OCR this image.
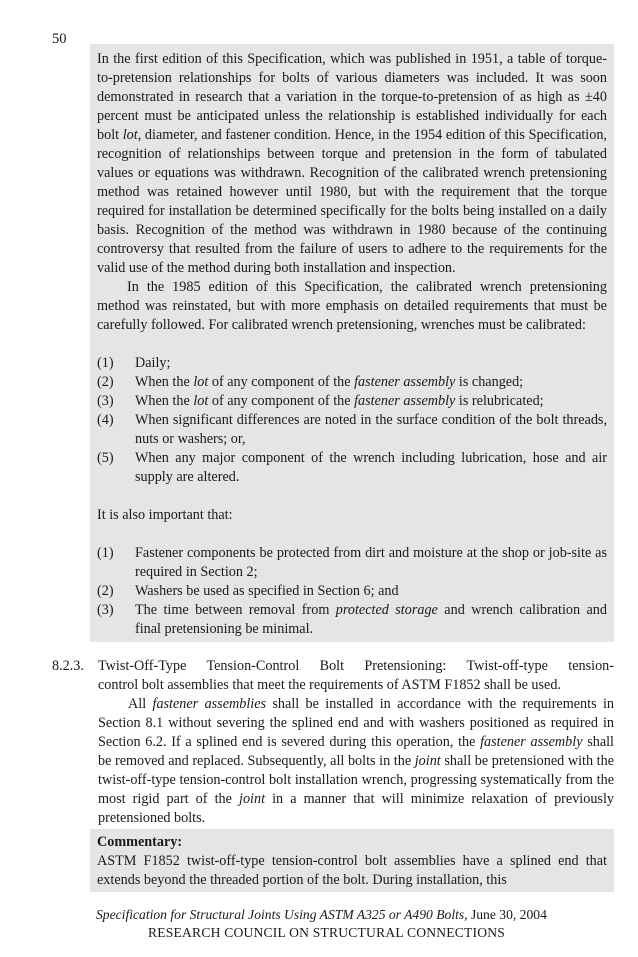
50
In the first edition of this Specification, which was published in 1951, a table of torque-to-pretension relationships for bolts of various diameters was included. It was soon demonstrated in research that a variation in the torque-to-pretension of as high as ±40 percent must be anticipated unless the relationship is established individually for each bolt lot, diameter, and fastener condition. Hence, in the 1954 edition of this Specification, recognition of relationships between torque and pretension in the form of tabulated values or equations was withdrawn. Recognition of the calibrated wrench pretensioning method was retained however until 1980, but with the requirement that the torque required for installation be determined specifically for the bolts being installed on a daily basis. Recognition of the method was withdrawn in 1980 because of the continuing controversy that resulted from the failure of users to adhere to the requirements for the valid use of the method during both installation and inspection.
In the 1985 edition of this Specification, the calibrated wrench pretensioning method was reinstated, but with more emphasis on detailed requirements that must be carefully followed. For calibrated wrench pretensioning, wrenches must be calibrated:
(1) Daily;
(2) When the lot of any component of the fastener assembly is changed;
(3) When the lot of any component of the fastener assembly is relubricated;
(4) When significant differences are noted in the surface condition of the bolt threads, nuts or washers; or,
(5) When any major component of the wrench including lubrication, hose and air supply are altered.
It is also important that:
(1) Fastener components be protected from dirt and moisture at the shop or job-site as required in Section 2;
(2) Washers be used as specified in Section 6; and
(3) The time between removal from protected storage and wrench calibration and final pretensioning be minimal.
8.2.3. Twist-Off-Type Tension-Control Bolt Pretensioning: Twist-off-type tension-
control bolt assemblies that meet the requirements of ASTM F1852 shall be used.
All fastener assemblies shall be installed in accordance with the requirements in Section 8.1 without severing the splined end and with washers positioned as required in Section 6.2. If a splined end is severed during this operation, the fastener assembly shall be removed and replaced. Subsequently, all bolts in the joint shall be pretensioned with the twist-off-type tension-control bolt installation wrench, progressing systematically from the most rigid part of the joint in a manner that will minimize relaxation of previously pretensioned bolts.
Commentary:
ASTM F1852 twist-off-type tension-control bolt assemblies have a splined end that extends beyond the threaded portion of the bolt. During installation, this
Specification for Structural Joints Using ASTM A325 or A490 Bolts, June 30, 2004
RESEARCH COUNCIL ON STRUCTURAL CONNECTIONS
